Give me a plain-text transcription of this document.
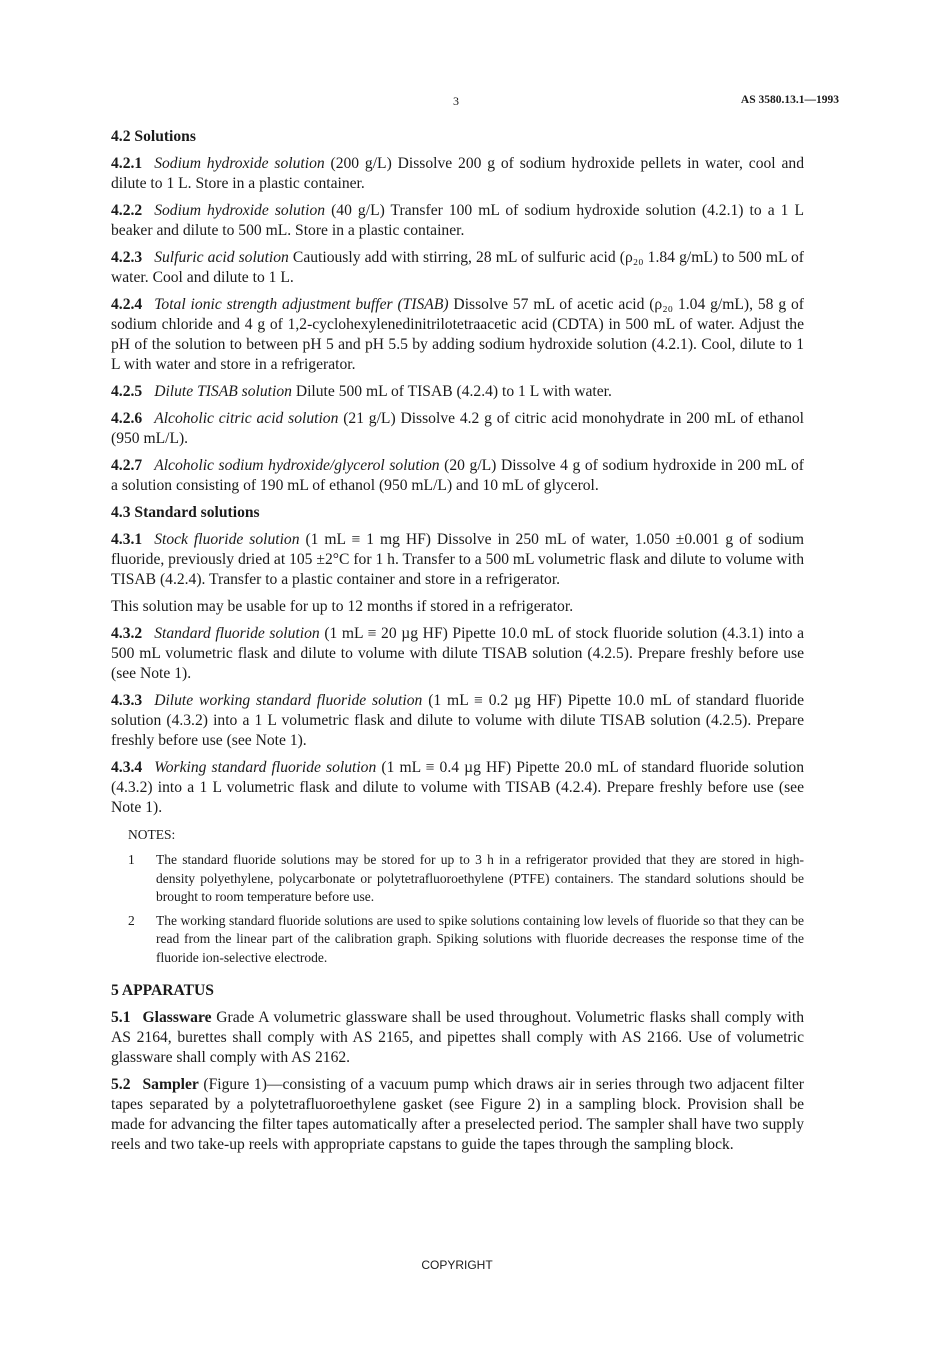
3	AS 3580.13.1—1993
4.2 Solutions

4.2.1 Sodium hydroxide solution (200 g/L) Dissolve 200 g of sodium hydroxide pellets in water, cool and dilute to 1 L. Store in a plastic container.

4.2.2 Sodium hydroxide solution (40 g/L) Transfer 100 mL of sodium hydroxide solution (4.2.1) to a 1 L beaker and dilute to 500 mL. Store in a plastic container.

4.2.3 Sulfuric acid solution Cautiously add with stirring, 28 mL of sulfuric acid (ρ₂₀ 1.84 g/mL) to 500 mL of water. Cool and dilute to 1 L.

4.2.4 Total ionic strength adjustment buffer (TISAB) Dissolve 57 mL of acetic acid (ρ₂₀ 1.04 g/mL), 58 g of sodium chloride and 4 g of 1,2-cyclohexylenedinitrilotetraacetic acid (CDTA) in 500 mL of water. Adjust the pH of the solution to between pH 5 and pH 5.5 by adding sodium hydroxide solution (4.2.1). Cool, dilute to 1 L with water and store in a refrigerator.

4.2.5 Dilute TISAB solution Dilute 500 mL of TISAB (4.2.4) to 1 L with water.

4.2.6 Alcoholic citric acid solution (21 g/L) Dissolve 4.2 g of citric acid monohydrate in 200 mL of ethanol (950 mL/L).

4.2.7 Alcoholic sodium hydroxide/glycerol solution (20 g/L) Dissolve 4 g of sodium hydroxide in 200 mL of a solution consisting of 190 mL of ethanol (950 mL/L) and 10 mL of glycerol.

4.3 Standard solutions

4.3.1 Stock fluoride solution (1 mL ≡ 1 mg HF) Dissolve in 250 mL of water, 1.050 ±0.001 g of sodium fluoride, previously dried at 105 ±2°C for 1 h. Transfer to a 500 mL volumetric flask and dilute to volume with TISAB (4.2.4). Transfer to a plastic container and store in a refrigerator.

This solution may be usable for up to 12 months if stored in a refrigerator.

4.3.2 Standard fluoride solution (1 mL ≡ 20 µg HF) Pipette 10.0 mL of stock fluoride solution (4.3.1) into a 500 mL volumetric flask and dilute to volume with dilute TISAB solution (4.2.5). Prepare freshly before use (see Note 1).

4.3.3 Dilute working standard fluoride solution (1 mL ≡ 0.2 µg HF) Pipette 10.0 mL of standard fluoride solution (4.3.2) into a 1 L volumetric flask and dilute to volume with dilute TISAB solution (4.2.5). Prepare freshly before use (see Note 1).

4.3.4 Working standard fluoride solution (1 mL ≡ 0.4 µg HF) Pipette 20.0 mL of standard fluoride solution (4.3.2) into a 1 L volumetric flask and dilute to volume with TISAB (4.2.4). Prepare freshly before use (see Note 1).

NOTES:
1	The standard fluoride solutions may be stored for up to 3 h in a refrigerator provided that they are stored in high-density polyethylene, polycarbonate or polytetrafluoroethylene (PTFE) containers. The standard solutions should be brought to room temperature before use.
2	The working standard fluoride solutions are used to spike solutions containing low levels of fluoride so that they can be read from the linear part of the calibration graph. Spiking solutions with fluoride decreases the response time of the fluoride ion-selective electrode.
5 APPARATUS

5.1 Glassware Grade A volumetric glassware shall be used throughout. Volumetric flasks shall comply with AS 2164, burettes shall comply with AS 2165, and pipettes shall comply with AS 2166. Use of volumetric glassware shall comply with AS 2162.

5.2 Sampler (Figure 1)—consisting of a vacuum pump which draws air in series through two adjacent filter tapes separated by a polytetrafluoroethylene gasket (see Figure 2) in a sampling block. Provision shall be made for advancing the filter tapes automatically after a preselected period. The sampler shall have two supply reels and two take-up reels with appropriate capstans to guide the tapes through the sampling block.

COPYRIGHT
